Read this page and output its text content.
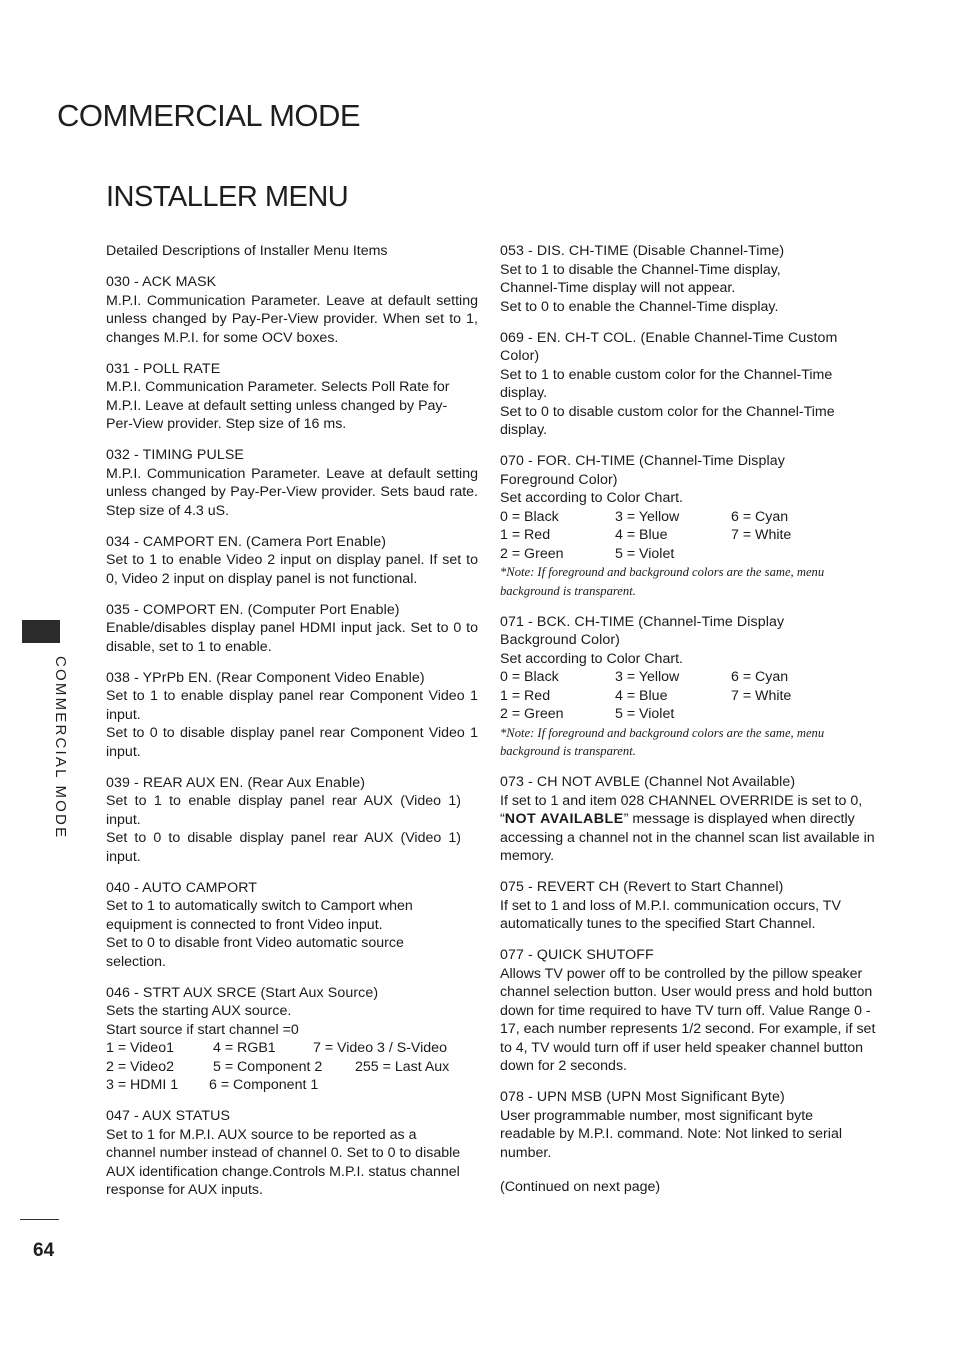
COMMERCIAL MODE
INSTALLER MENU
COMMERCIAL MODE
64
Detailed Descriptions of Installer Menu Items
030 - ACK MASK
M.P.I. Communication Parameter. Leave at default setting unless changed by Pay-Per-View provider. When set to 1, changes M.P.I. for some OCV boxes.
031 - POLL RATE
M.P.I. Communication Parameter. Selects Poll Rate for M.P.I. Leave at default setting unless changed by Pay-Per-View provider. Step size of 16 ms.
032 - TIMING PULSE
M.P.I. Communication Parameter. Leave at default setting unless changed by Pay-Per-View provider. Sets baud rate. Step size of 4.3 uS.
034 - CAMPORT EN. (Camera Port Enable)
Set to 1 to enable Video 2 input on display panel. If set to 0, Video 2 input on display panel is not functional.
035 - COMPORT EN. (Computer Port Enable)
Enable/disables display panel HDMI input jack. Set to 0 to disable, set to 1 to enable.
038 - YPrPb EN. (Rear Component Video Enable)
Set to 1 to enable display panel rear Component Video 1 input.
Set to 0 to disable display panel rear Component Video 1 input.
039 - REAR AUX EN. (Rear Aux Enable)
Set to 1 to enable display panel rear AUX (Video 1) input.
Set to 0 to disable display panel rear AUX (Video 1) input.
040 - AUTO CAMPORT
Set to 1 to automatically switch to Camport when equipment is connected to front Video input.
Set to 0 to disable front Video automatic source selection.
046 - STRT AUX SRCE (Start Aux Source)
Sets the starting AUX source.
Start source if start channel =0
1 = Video1	4 = RGB1	7 = Video 3 / S-Video
2 = Video2	5 = Component 2	255 = Last Aux
3 = HDMI 1	6 = Component 1
047 - AUX STATUS
Set to 1 for M.P.I. AUX source to be reported as a channel number instead of channel 0. Set to 0 to disable AUX identification change.Controls M.P.I. status channel response for AUX inputs.
053 - DIS. CH-TIME (Disable Channel-Time)
Set to 1 to disable the Channel-Time display, Channel-Time display will not appear.
Set to 0 to enable the Channel-Time display.
069 - EN. CH-T COL. (Enable Channel-Time Custom Color)
Set to 1 to enable custom color for the Channel-Time display.
Set to 0 to disable custom color for the Channel-Time display.
070 - FOR. CH-TIME (Channel-Time Display Foreground Color)
Set according to Color Chart.
0 = Black	3 = Yellow	6 = Cyan
1 = Red	4 = Blue	7 = White
2 = Green	5 = Violet
*Note: If foreground and background colors are the same, menu background is transparent.
071 - BCK. CH-TIME (Channel-Time Display Background Color)
Set according to Color Chart.
0 = Black	3 = Yellow	6 = Cyan
1 = Red	4 = Blue	7 = White
2 = Green	5 = Violet
*Note: If foreground and background colors are the same, menu background is transparent.
073 - CH NOT AVBLE (Channel Not Available)
If set to 1 and item 028 CHANNEL OVERRIDE is set to 0, “NOT AVAILABLE” message is displayed when directly accessing a channel not in the channel scan list available in memory.
075 - REVERT CH (Revert to Start Channel)
If set to 1 and loss of M.P.I. communication occurs, TV automatically tunes to the specified Start Channel.
077 - QUICK SHUTOFF
Allows TV power off to be controlled by the pillow speaker channel selection button. User would press and hold button down for time required to have TV turn off. Value Range 0 - 17, each number represents 1/2 second. For example, if set to 4, TV would turn off if user held speaker channel button down for 2 seconds.
078 - UPN MSB (UPN Most Significant Byte)
User programmable number, most significant byte readable by M.P.I. command. Note: Not linked to serial number.
(Continued on next page)
